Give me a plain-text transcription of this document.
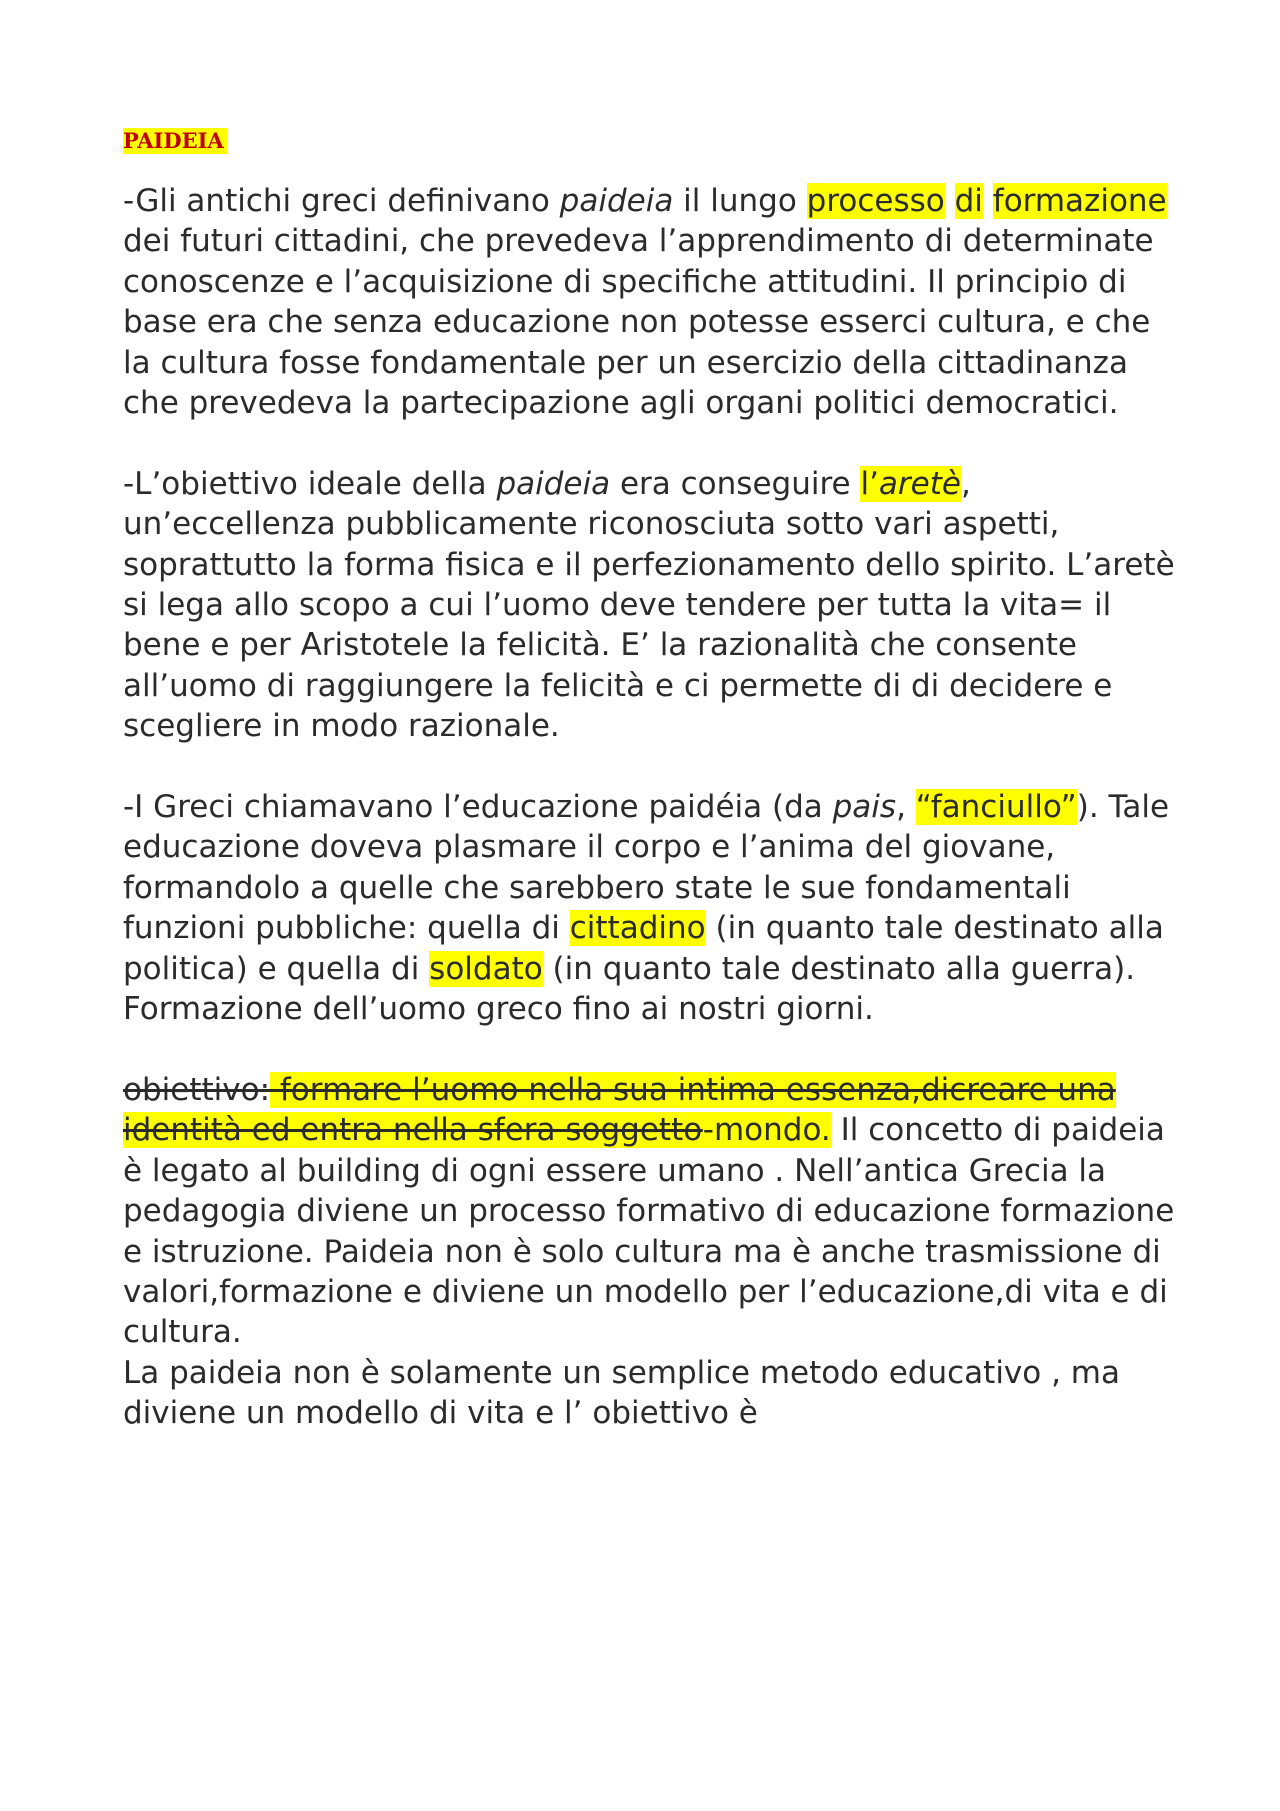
PAIDEIA

-Gli antichi greci definivano paideia il lungo processo di formazione dei futuri cittadini, che prevedeva l’apprendimento di determinate conoscenze e l’acquisizione di specifiche attitudini. Il principio di base era che senza educazione non potesse esserci cultura, e che la cultura fosse fondamentale per un esercizio della cittadinanza che prevedeva la partecipazione agli organi politici democratici.

-L’obiettivo ideale della paideia era conseguire l’aretè, un’eccellenza pubblicamente riconosciuta sotto vari aspetti, soprattutto la forma fisica e il perfezionamento dello spirito. L’aretè si lega allo scopo a cui l’uomo deve tendere per tutta la vita= il bene e per Aristotele la felicità. E’ la razionalità che consente all’uomo di raggiungere la felicità e ci permette di di decidere e scegliere in modo razionale.

-I Greci chiamavano l’educazione paidéia (da pais, “fanciullo”). Tale educazione doveva plasmare il corpo e l’anima del giovane, formandolo a quelle che sarebbero state le sue fondamentali funzioni pubbliche: quella di cittadino (in quanto tale destinato alla politica) e quella di soldato (in quanto tale destinato alla guerra). Formazione dell’uomo greco fino ai nostri giorni.

obiettivo: formare l’uomo nella sua intima essenza,dicreare una identità ed entra nella sfera soggetto-mondo. Il concetto di paideia è legato al building di ogni essere umano . Nell’antica Grecia la pedagogia diviene un processo formativo di educazione formazione e istruzione. Paideia non è solo cultura ma è anche trasmissione di valori,formazione e diviene un modello per l’educazione,di vita e di cultura.

La paideia non è solamente un semplice metodo educativo , ma diviene un modello di vita e l’ obiettivo è
